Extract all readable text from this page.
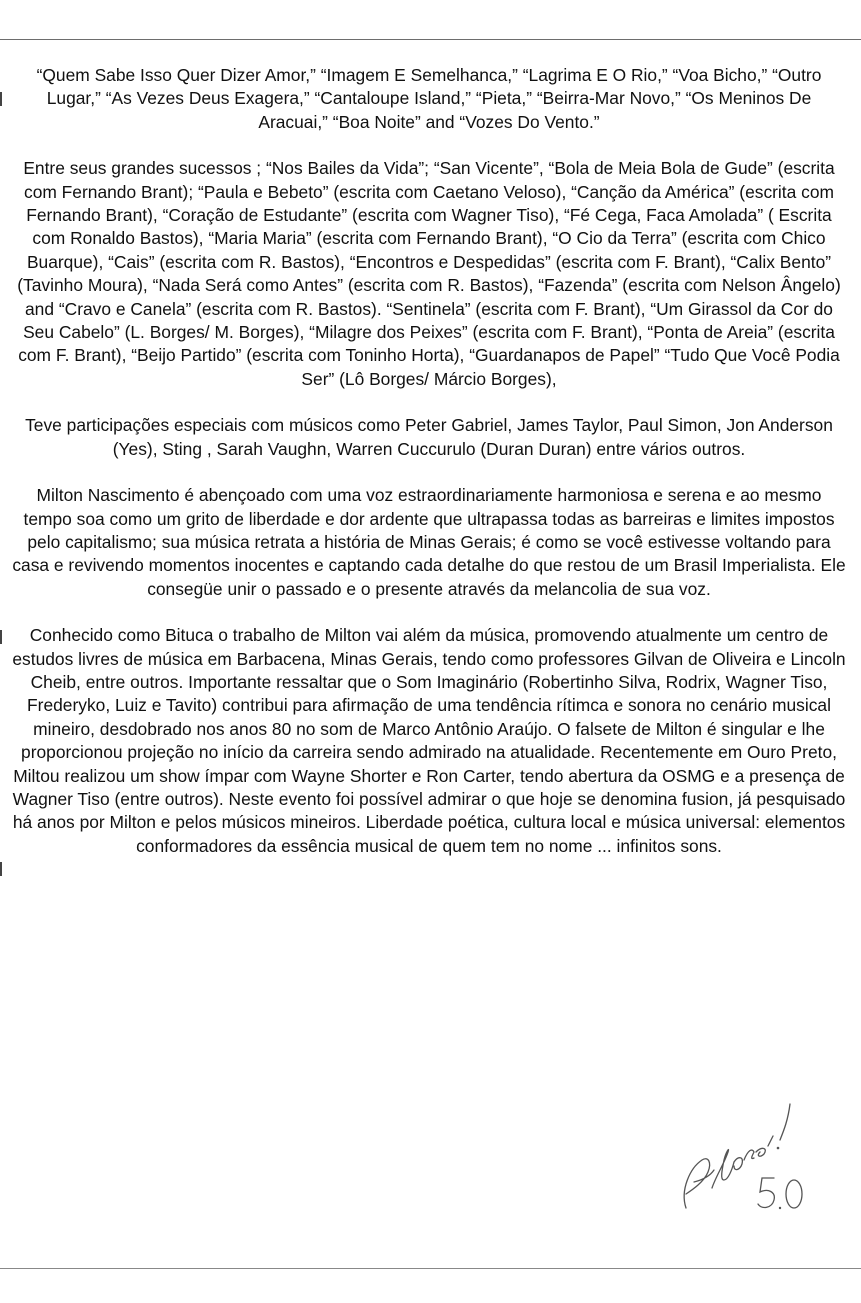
“Quem Sabe Isso Quer Dizer Amor,” “Imagem E Semelhanca,” “Lagrima E O Rio,” “Voa Bicho,” “Outro Lugar,” “As Vezes Deus Exagera,” “Cantaloupe Island,” “Pieta,” “Beirra-Mar Novo,” “Os Meninos De Aracuai,” “Boa Noite” and “Vozes Do Vento.”

Entre seus grandes sucessos ; “Nos Bailes da Vida”; “San Vicente”, “Bola de Meia Bola de Gude” (escrita com Fernando Brant); “Paula e Bebeto” (escrita com Caetano Veloso), “Canção da América” (escrita com Fernando Brant), “Coração de Estudante” (escrita com Wagner Tiso), “Fé Cega, Faca Amolada” ( Escrita com Ronaldo Bastos), “Maria Maria” (escrita com Fernando Brant), “O Cio da Terra” (escrita com Chico Buarque), “Cais” (escrita com R. Bastos), “Encontros e Despedidas” (escrita com F. Brant), “Calix Bento” (Tavinho Moura), “Nada Será como Antes” (escrita com R. Bastos), “Fazenda” (escrita com Nelson Ângelo) and “Cravo e Canela” (escrita com R. Bastos). “Sentinela” (escrita com F. Brant), “Um Girassol da Cor do Seu Cabelo” (L. Borges/ M. Borges), “Milagre dos Peixes” (escrita com F. Brant), “Ponta de Areia” (escrita com F. Brant), “Beijo Partido” (escrita com Toninho Horta), “Guardanapos de Papel” “Tudo Que Você Podia Ser” (Lô Borges/ Márcio Borges),

Teve participações especiais com músicos como Peter Gabriel, James Taylor, Paul Simon, Jon Anderson (Yes), Sting , Sarah Vaughn, Warren Cuccurulo (Duran Duran) entre vários outros.

Milton Nascimento é abençoado com uma voz estraordinariamente harmoniosa e serena e ao mesmo tempo soa como um grito de liberdade e dor ardente que ultrapassa todas as barreiras e limites impostos pelo capitalismo; sua música retrata a história de Minas Gerais; é como se você estivesse voltando para casa e revivendo momentos inocentes e captando cada detalhe do que restou de um Brasil Imperialista. Ele consegüe unir o passado e o presente através da melancolia de sua voz.

Conhecido como Bituca o trabalho de Milton vai além da música, promovendo atualmente um centro de estudos livres de música em Barbacena, Minas Gerais, tendo como professores Gilvan de Oliveira e Lincoln Cheib, entre outros. Importante ressaltar que o Som Imaginário (Robertinho Silva, Rodrix, Wagner Tiso, Frederyko, Luiz e Tavito) contribui para afirmação de uma tendência rítimca e sonora no cenário musical mineiro, desdobrado nos anos 80 no som de Marco Antônio Araújo. O falsete de Milton é singular e lhe proporcionou projeção no início da carreira sendo admirado na atualidade. Recentemente em Ouro Preto, Miltou realizou um show ímpar com Wayne Shorter e Ron Carter, tendo abertura da OSMG e a presença de Wagner Tiso (entre outros). Neste evento foi possível admirar o que hoje se denomina fusion, já pesquisado há anos por Milton e pelos músicos mineiros. Liberdade poética, cultura local e música universal: elementos conformadores da essência musical de quem tem no nome ... infinitos sons.
